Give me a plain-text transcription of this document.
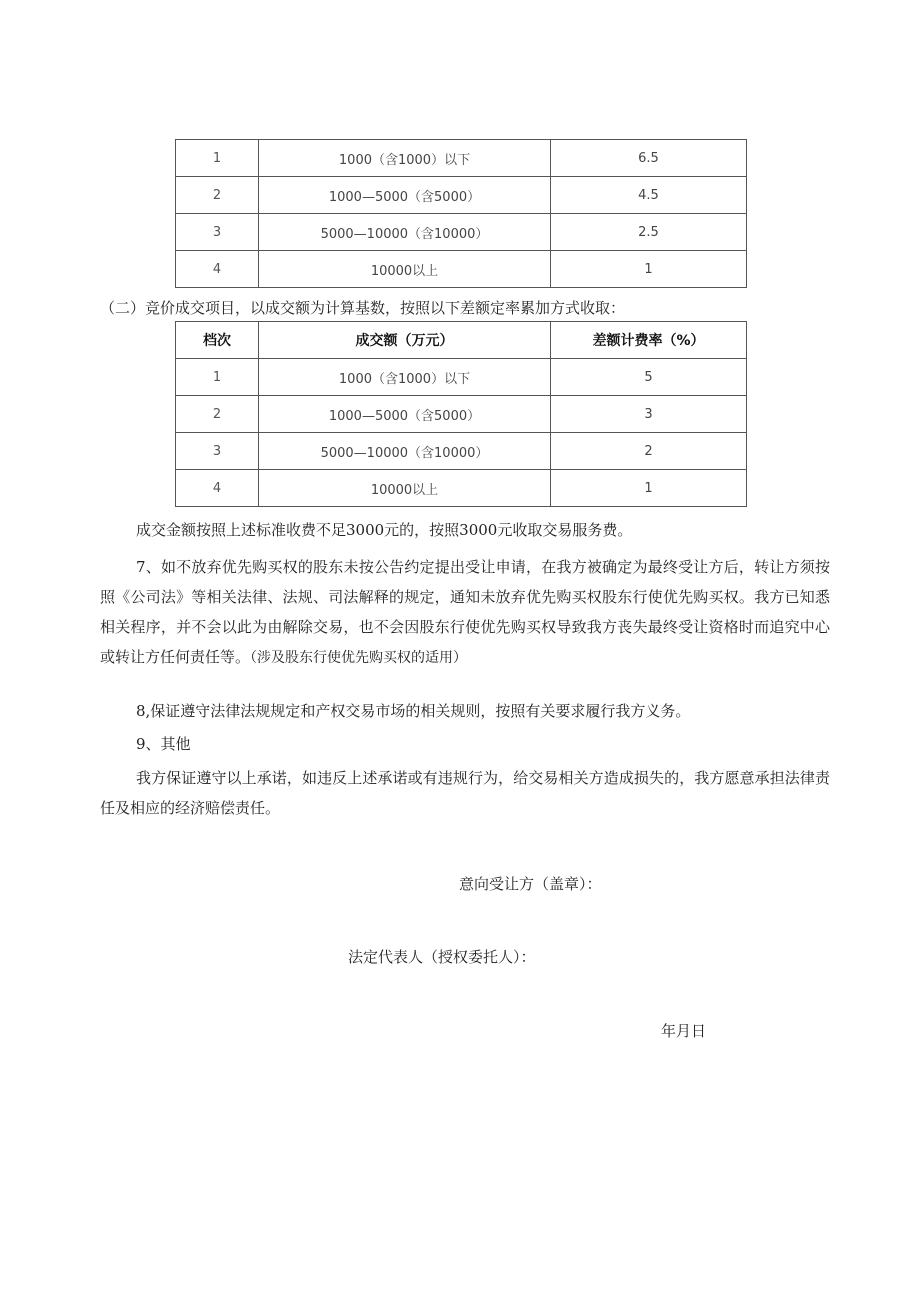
1	1000（含1000）以下	6.5
2	1000—5000（含5000）	4.5
3	5000—10000（含10000）	2.5
4	10000以上	1
（二）竞价成交项目，以成交额为计算基数，按照以下差额定率累加方式收取：
档次	成交额（万元）	差额计费率（%）
1	1000（含1000）以下	5
2	1000—5000（含5000）	3
3	5000—10000（含10000）	2
4	10000以上	1
成交金额按照上述标准收费不足3000元的，按照3000元收取交易服务费。
7、如不放弃优先购买权的股东未按公告约定提出受让申请，在我方被确定为最终受让方后，转让方须按照《公司法》等相关法律、法规、司法解释的规定，通知未放弃优先购买权股东行使优先购买权。我方已知悉相关程序，并不会以此为由解除交易，也不会因股东行使优先购买权导致我方丧失最终受让资格时而追究中心或转让方任何责任等。（涉及股东行使优先购买权的适用）
8,保证遵守法律法规规定和产权交易市场的相关规则，按照有关要求履行我方义务。
9、其他
我方保证遵守以上承诺，如违反上述承诺或有违规行为，给交易相关方造成损失的，我方愿意承担法律责任及相应的经济赔偿责任。
意向受让方（盖章）：
法定代表人（授权委托人）：
年月日
